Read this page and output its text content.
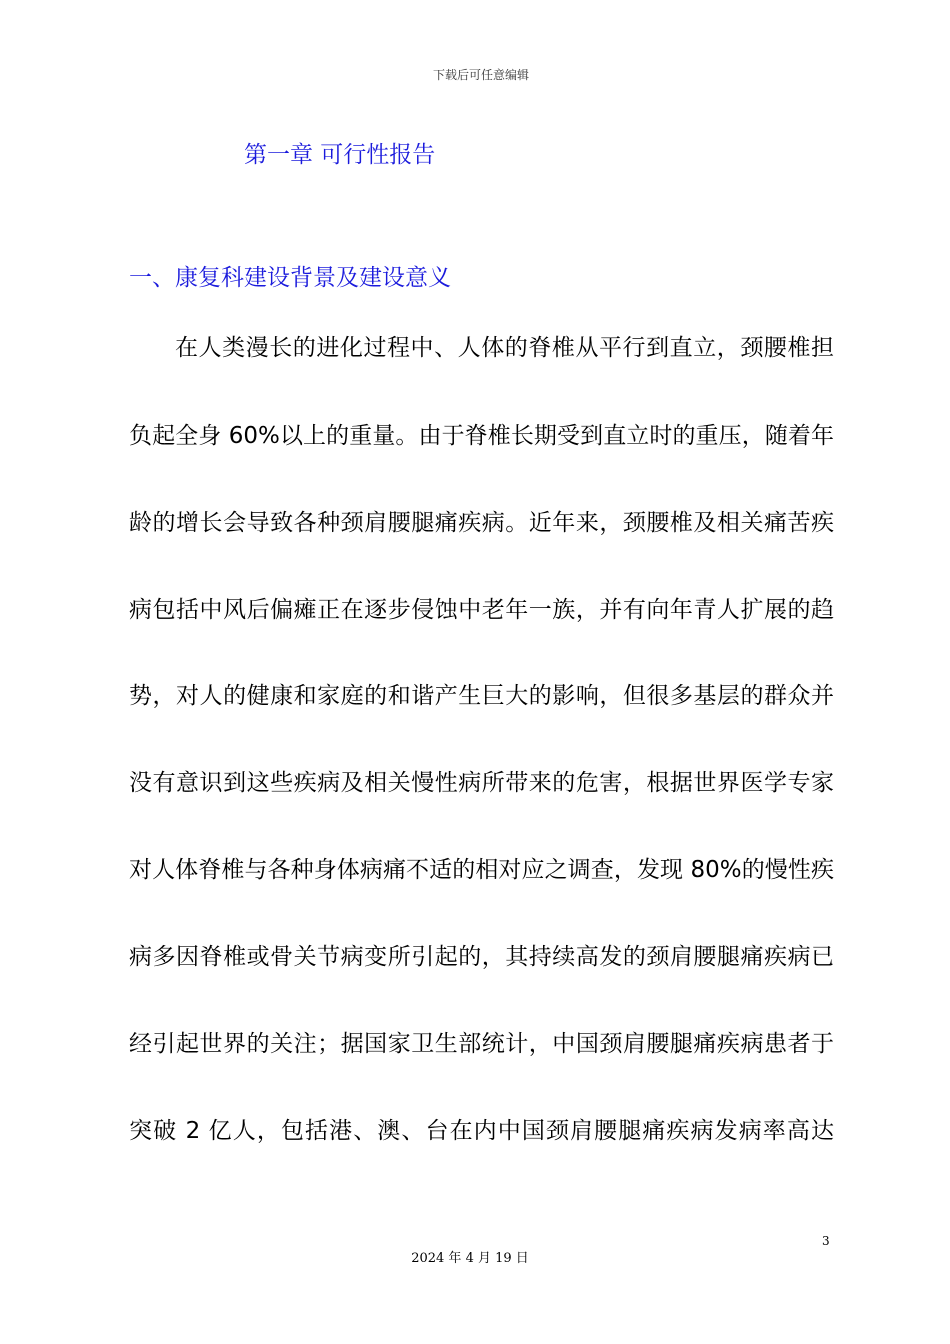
下载后可任意编辑
第一章 可行性报告
一、康复科建设背景及建设意义
在人类漫长的进化过程中、人体的脊椎从平行到直立，颈腰椎担
负起全身 60%以上的重量。由于脊椎长期受到直立时的重压，随着年
龄的增长会导致各种颈肩腰腿痛疾病。近年来，颈腰椎及相关痛苦疾
病包括中风后偏瘫正在逐步侵蚀中老年一族，并有向年青人扩展的趋
势，对人的健康和家庭的和谐产生巨大的影响，但很多基层的群众并
没有意识到这些疾病及相关慢性病所带来的危害，根据世界医学专家
对人体脊椎与各种身体病痛不适的相对应之调查，发现 80%的慢性疾
病多因脊椎或骨关节病变所引起的，其持续高发的颈肩腰腿痛疾病已
经引起世界的关注；据国家卫生部统计，中国颈肩腰腿痛疾病患者于
突破 2 亿人，包括港、澳、台在内中国颈肩腰腿痛疾病发病率高达
3
2024 年 4 月 19 日
